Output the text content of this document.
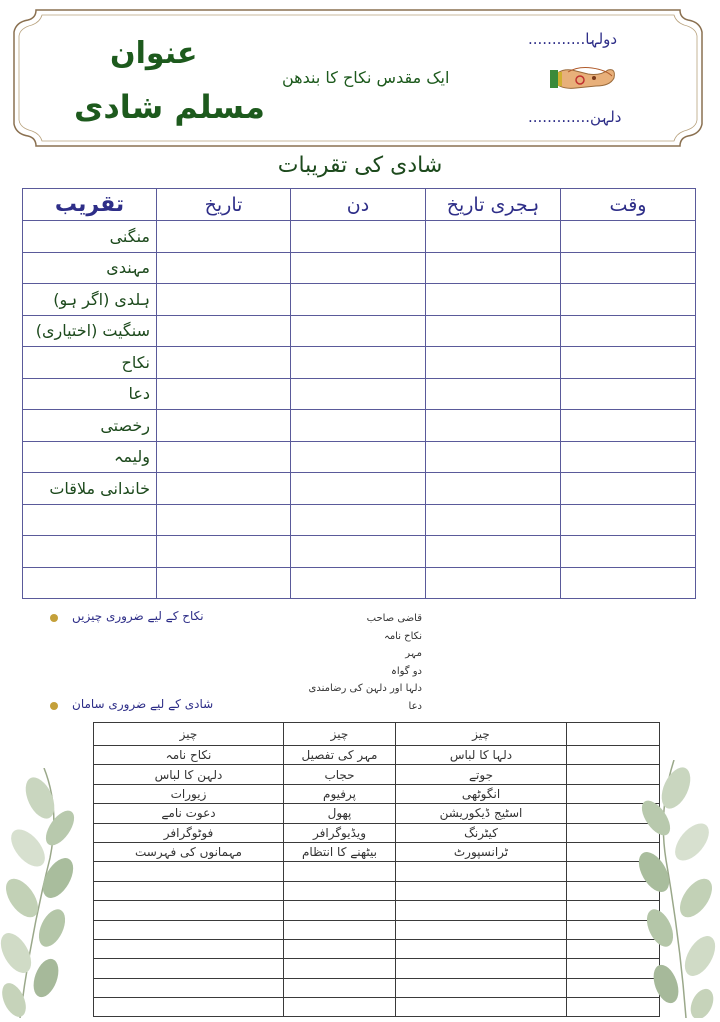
عنوان
مسلم شادی
ایک مقدس نکاح کا بندھن
دولہا............
دلہن.............
شادی کی تقریبات
تقریب	تاریخ	دن	ہجری تاریخ	وقت
منگنی				
مہندی				
ہلدی (اگر ہو)				
سنگیت (اختیاری)				
نکاح				
دعا				
رخصتی				
ولیمہ				
خاندانی ملاقات				

نکاح کے لیے ضروری چیزیں	قاضی صاحب
نکاح نامہ
مہر
دو گواہ
دلہا اور دلہن کی رضامندی
دعا
شادی کے لیے ضروری سامان
چیز	چیز	چیز	
نکاح نامہ	مہر کی تفصیل	دلہا کا لباس	
دلہن کا لباس	حجاب	جوتے	
زیورات	پرفیوم	انگوٹھی	
دعوت نامے	پھول	اسٹیج ڈیکوریشن	
فوٹوگرافر	ویڈیوگرافر	کیٹرنگ	
مہمانوں کی فہرست	بیٹھنے کا انتظام	ٹرانسپورٹ	
